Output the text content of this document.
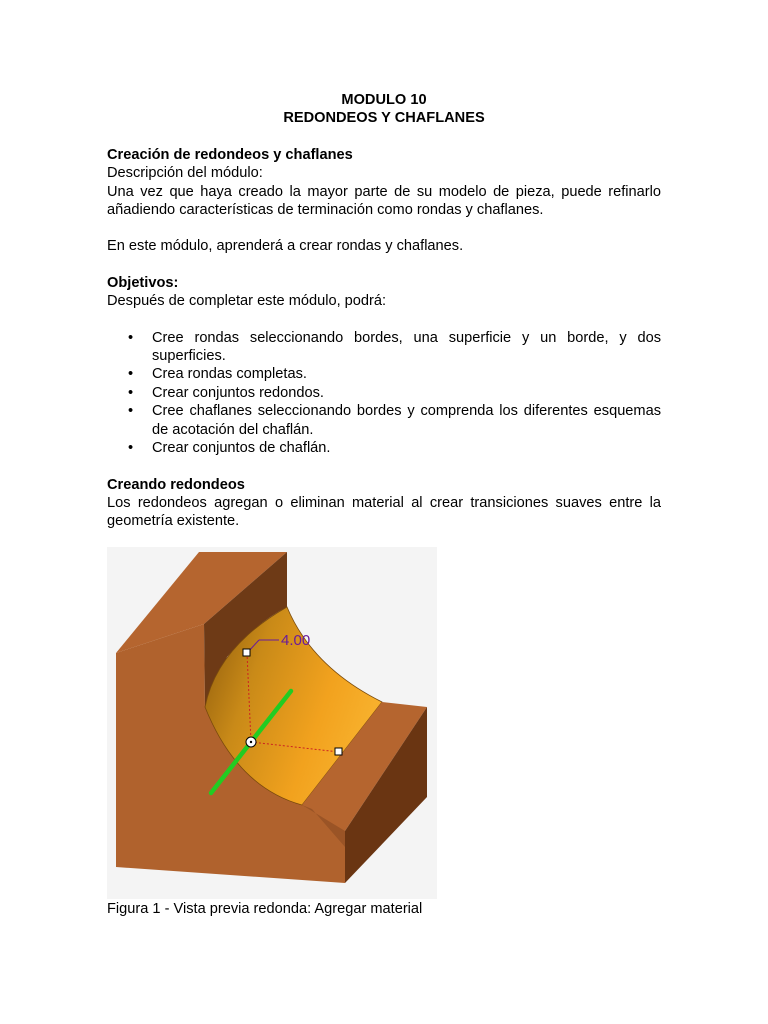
MODULO 10

REDONDEOS Y CHAFLANES

Creación de redondeos y chaflanes

Descripción del módulo:

Una vez que haya creado la mayor parte de su modelo de pieza, puede refinarlo añadiendo características de terminación como rondas y chaflanes.

En este módulo, aprenderá a crear rondas y chaflanes.

Objetivos:

Después de completar este módulo, podrá:

• Cree rondas seleccionando bordes, una superficie y un borde, y dos superficies.
• Crea rondas completas.
• Crear conjuntos redondos.
• Cree chaflanes seleccionando bordes y comprenda los diferentes esquemas de acotación del chaflán.
• Crear conjuntos de chaflán.

Creando redondeos

Los redondeos agregan o eliminan material al crear transiciones suaves entre la geometría existente.

4.00

Figura 1 - Vista previa redonda: Agregar material
